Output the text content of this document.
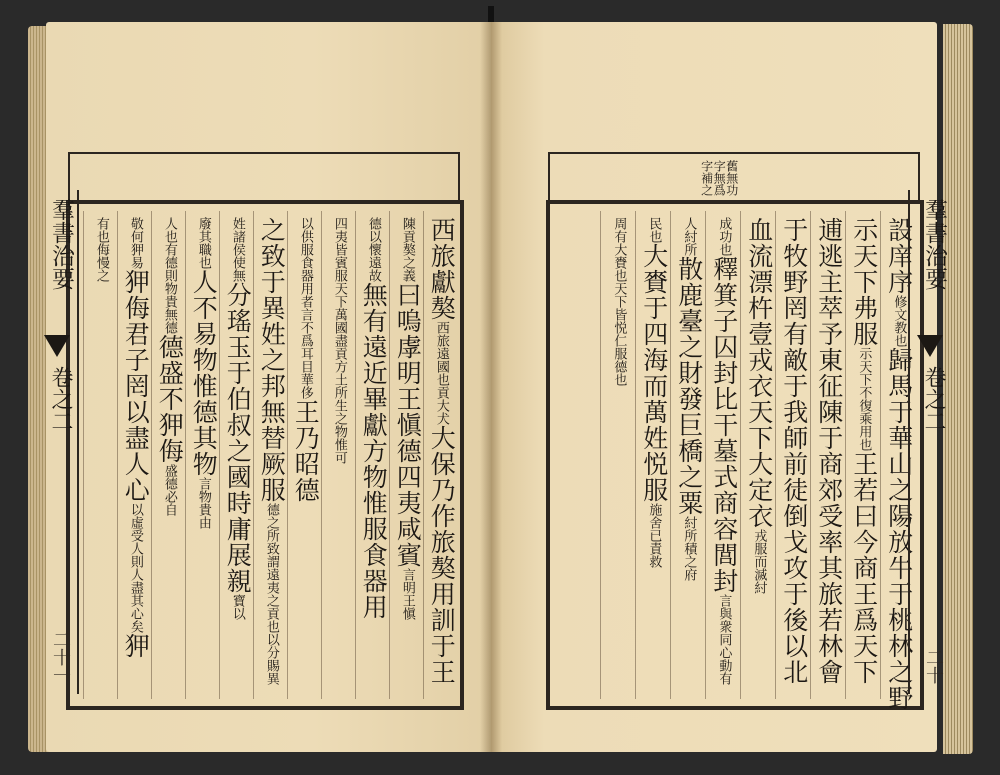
西旅獻獒
西旅遠國
也貢大犬
大保乃作旅獒用訓于王
陳貢獒之義
曰嗚虖明王愼德四夷咸賓
言明
王愼
德以懷遠故
無有遠近畢獻方物惟服食器用
四夷皆賓服
天下萬國盡貢方土所生之物惟可
以供服食器用者言不爲耳目華侈
王乃昭德
之致于異姓之邦無替厥服
德之所致謂遠夷
之貢也以分賜異
姓諸侯使無
分瑤玉于伯叔之國時庸展親
寶以
廢其職也
人不易物惟德其物
言物貴由
人也有德則物貴無德
德盛不狎侮
盛德必自
敬何狎易
狎侮君子罔以盡人心
以虛受人則
人盡其心矣
狎
有也
侮慢之
舊無功字無爲字補之
設庠序
修
文教也
歸馬于華山之陽放牛于桃林之野
示天下弗服
示天下不
復乘用也
王若曰今商王爲天下
逋逃主
萃
予東征陳于商郊受率其旅若林會
于牧野罔有敵于我師前徒倒戈攻于後以北
血流漂杵壹戎衣天下大定
衣
戎
服而滅紂
成功
也
釋箕子囚封比干墓式商容閭
封
言與衆同心動有
人紂所
散鹿臺之財發巨橋之粟
紂所積之府
民也
大賚于四海而萬姓悦服
施舍已責救
周有大賚也
天下
皆悦仁服德也
羣書治要
卷之二
二十一
羣書治要
卷之二
二十
